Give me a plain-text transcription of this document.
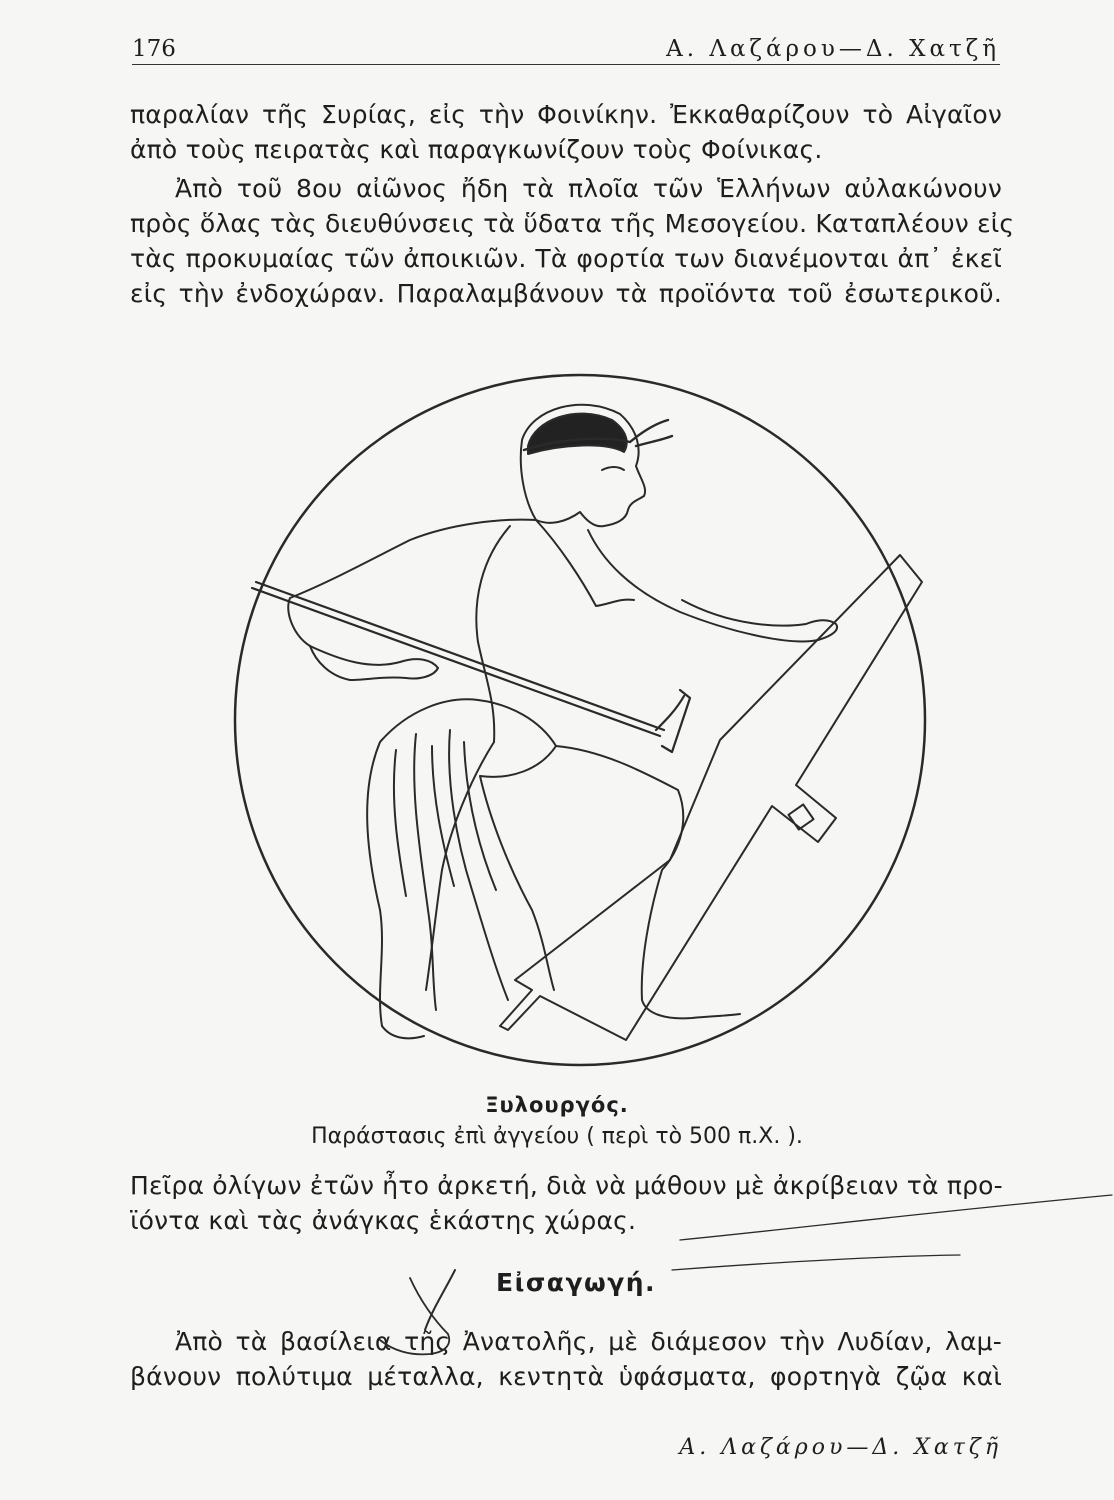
176	Α. Λαζάρου—Δ. Χατζῆ

παραλίαν τῆς Συρίας, εἰς τὴν Φοινίκην. Ἐκκαθαρίζουν τὸ Αἰγαῖον
ἀπὸ τοὺς πειρατὰς καὶ παραγκωνίζουν τοὺς Φοίνικας.

Ἀπὸ τοῦ 8ου αἰῶνος ἤδη τὰ πλοῖα τῶν Ἑλλήνων αὐλακώνουν
πρὸς ὅλας τὰς διευθύνσεις τὰ ὕδατα τῆς Μεσογείου. Καταπλέουν εἰς
τὰς προκυμαίας τῶν ἀποικιῶν. Τὰ φορτία των διανέμονται ἀπ᾿ ἐκεῖ
εἰς τὴν ἐνδοχώραν. Παραλαμβάνουν τὰ προϊόντα τοῦ ἐσωτερικοῦ.

Ξυλουργός.
Παράστασις ἐπὶ ἀγγείου ( περὶ τὸ 500 π.Χ. ).

Πεῖρα ὀλίγων ἐτῶν ἦτο ἀρκετή, διὰ νὰ μάθουν μὲ ἀκρίβειαν τὰ προ-
ϊόντα καὶ τὰς ἀνάγκας ἑκάστης χώρας.

Εἰσαγωγή.

Ἀπὸ τὰ βασίλεια τῆς Ἀνατολῆς, μὲ διάμεσον τὴν Λυδίαν, λαμ-
βάνουν πολύτιμα μέταλλα, κεντητὰ ὑφάσματα, φορτηγὰ ζῷα καὶ

Α. Λαζάρου—Δ. Χατζῆ
